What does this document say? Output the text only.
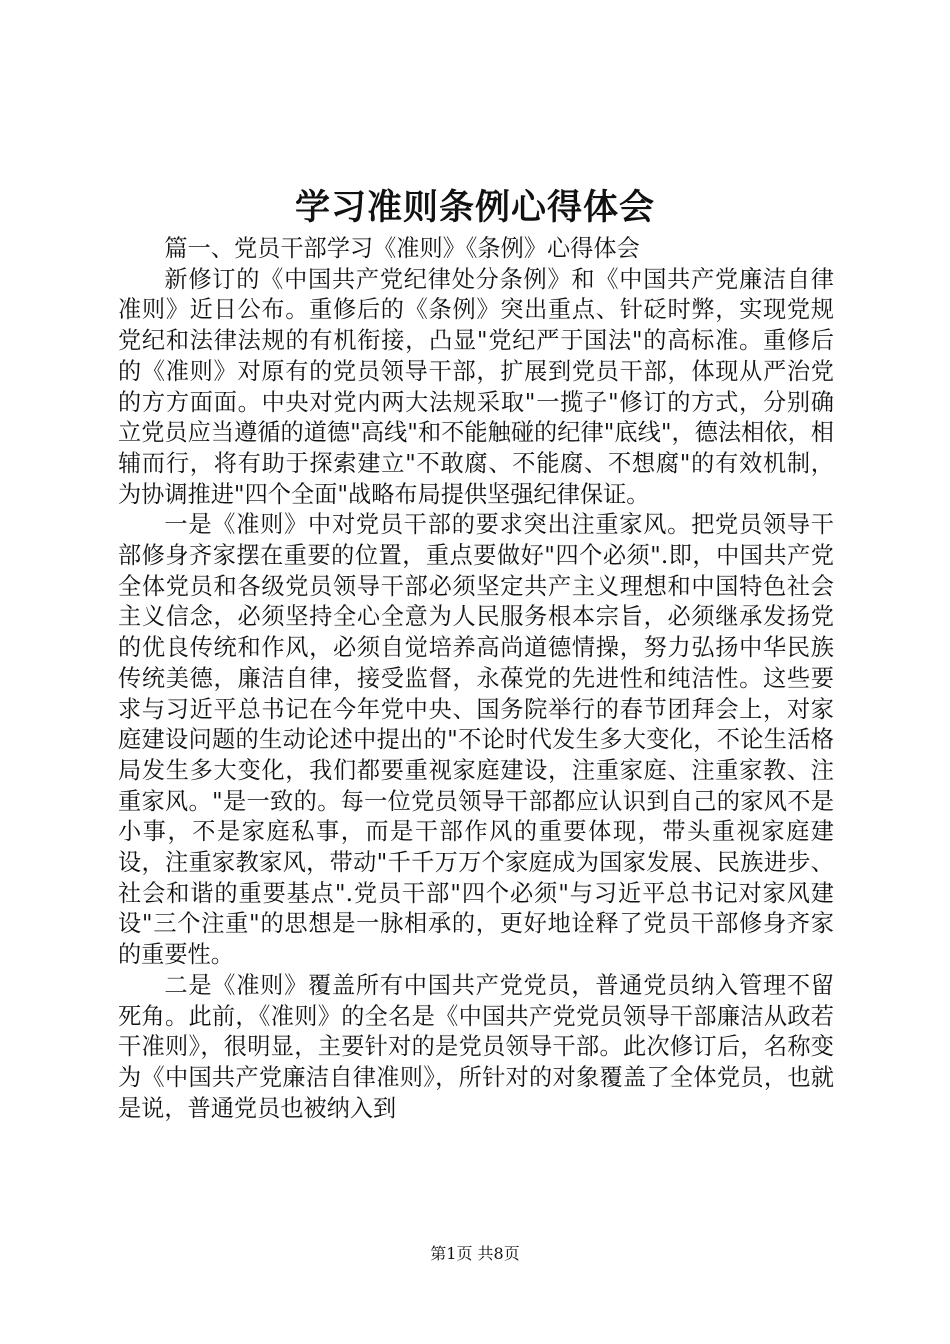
学习准则条例心得体会

篇一、党员干部学习《准则》《条例》心得体会

新修订的《中国共产党纪律处分条例》和《中国共产党廉洁自律准则》近日公布。重修后的《条例》突出重点、针砭时弊，实现党规党纪和法律法规的有机衔接，凸显"党纪严于国法"的高标准。重修后的《准则》对原有的党员领导干部，扩展到党员干部，体现从严治党的方方面面。中央对党内两大法规采取"一揽子"修订的方式，分别确立党员应当遵循的道德"高线"和不能触碰的纪律"底线"，德法相依，相辅而行，将有助于探索建立"不敢腐、不能腐、不想腐"的有效机制，为协调推进"四个全面"战略布局提供坚强纪律保证。

一是《准则》中对党员干部的要求突出注重家风。把党员领导干部修身齐家摆在重要的位置，重点要做好"四个必须".即，中国共产党全体党员和各级党员领导干部必须坚定共产主义理想和中国特色社会主义信念，必须坚持全心全意为人民服务根本宗旨，必须继承发扬党的优良传统和作风，必须自觉培养高尚道德情操，努力弘扬中华民族传统美德，廉洁自律，接受监督，永葆党的先进性和纯洁性。这些要求与习近平总书记在今年党中央、国务院举行的春节团拜会上，对家庭建设问题的生动论述中提出的"不论时代发生多大变化，不论生活格局发生多大变化，我们都要重视家庭建设，注重家庭、注重家教、注重家风。"是一致的。每一位党员领导干部都应认识到自己的家风不是小事，不是家庭私事，而是干部作风的重要体现，带头重视家庭建设，注重家教家风，带动"千千万万个家庭成为国家发展、民族进步、社会和谐的重要基点".党员干部"四个必须"与习近平总书记对家风建设"三个注重"的思想是一脉相承的，更好地诠释了党员干部修身齐家的重要性。

二是《准则》覆盖所有中国共产党党员，普通党员纳入管理不留死角。此前，《准则》的全名是《中国共产党党员领导干部廉洁从政若干准则》，很明显，主要针对的是党员领导干部。此次修订后，名称变为《中国共产党廉洁自律准则》，所针对的对象覆盖了全体党员，也就是说，普通党员也被纳入到

第1页 共8页
